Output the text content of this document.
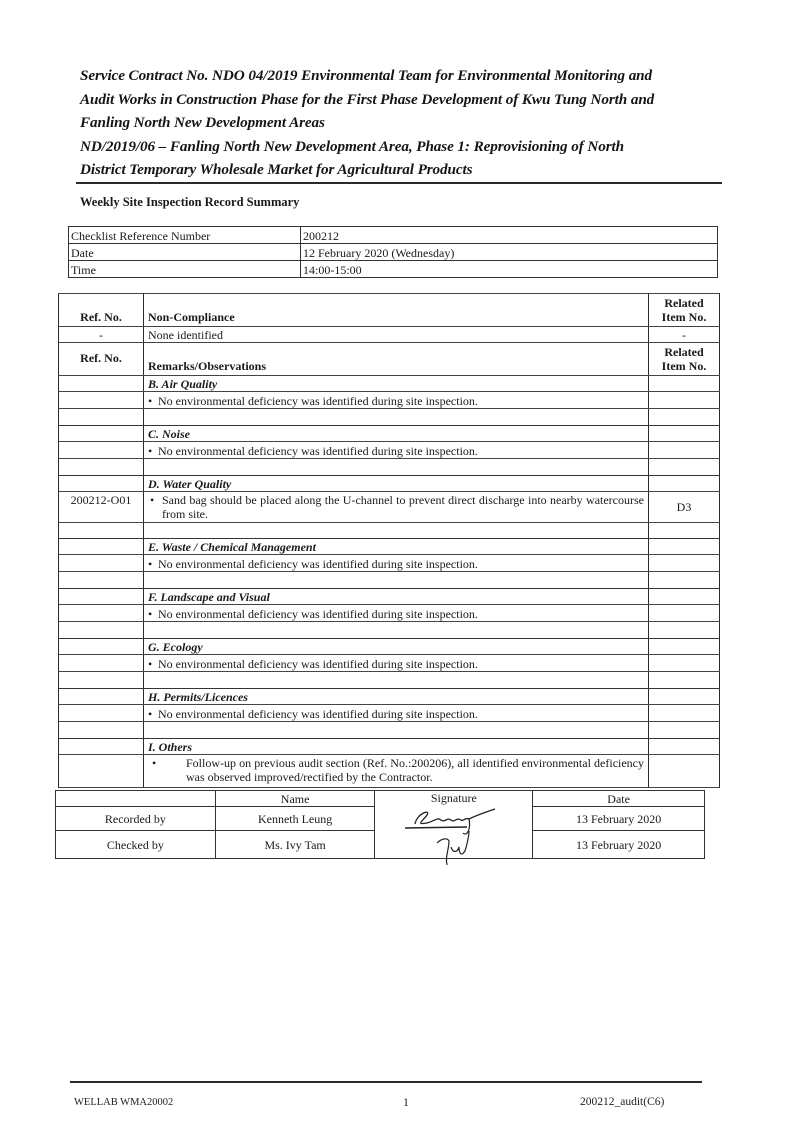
Service Contract No. NDO 04/2019 Environmental Team for Environmental Monitoring and
Audit Works in Construction Phase for the First Phase Development of Kwu Tung North and
Fanling North New Development Areas
ND/2019/06 – Fanling North New Development Area, Phase 1: Reprovisioning of North
District Temporary Wholesale Market for Agricultural Products
Weekly Site Inspection Record Summary
Checklist Reference Number	200212
Date	12 February 2020 (Wednesday)
Time	14:00-15:00
Ref. No.	Non-Compliance	Related Item No.
-	None identified	-
Ref. No.	Remarks/Observations	Related Item No.
	B. Air Quality	
	• No environmental deficiency was identified during site inspection.	

	C. Noise	
	• No environmental deficiency was identified during site inspection.	

	D. Water Quality	
200212-O01	• Sand bag should be placed along the U-channel to prevent direct discharge into nearby watercourse from site.	D3

	E. Waste / Chemical Management	
	• No environmental deficiency was identified during site inspection.	

	F. Landscape and Visual	
	• No environmental deficiency was identified during site inspection.	

	G. Ecology	
	• No environmental deficiency was identified during site inspection.	

	H. Permits/Licences	
	• No environmental deficiency was identified during site inspection.	

	I. Others	

	• Follow-up on previous audit section (Ref. No.:200206), all identified environmental deficiency was observed improved/rectified by the Contractor.	

	Name	Signature	Date
Recorded by	Kenneth Leung		13 February 2020
Checked by	Ms. Ivy Tam		13 February 2020
WELLAB WMA20002	1	200212_audit(C6)
